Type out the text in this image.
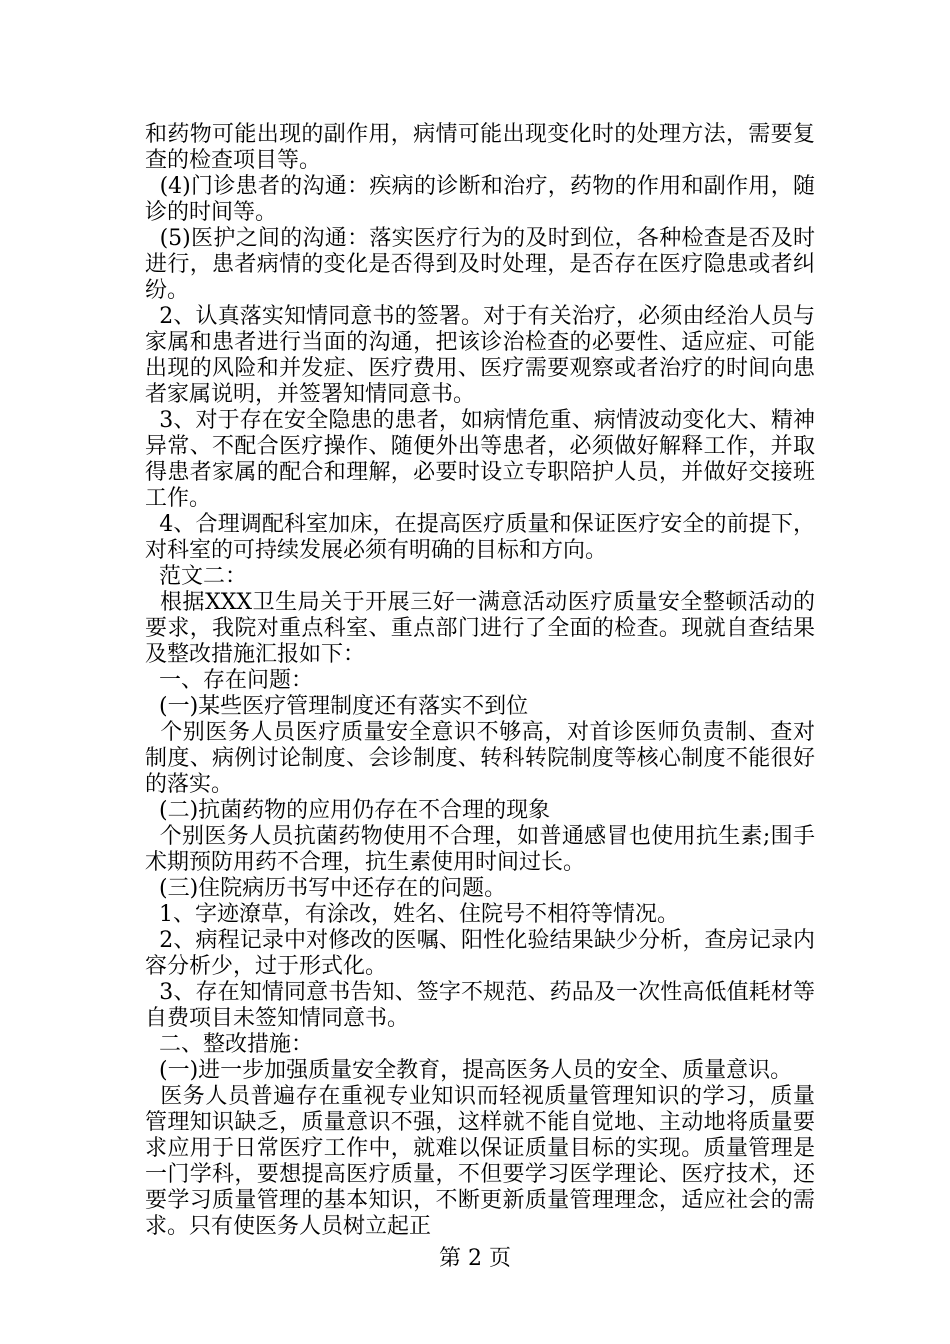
和药物可能出现的副作用，病情可能出现变化时的处理方法，需要复查的检查项目等。

(4)门诊患者的沟通：疾病的诊断和治疗，药物的作用和副作用，随诊的时间等。

(5)医护之间的沟通：落实医疗行为的及时到位，各种检查是否及时进行，患者病情的变化是否得到及时处理，是否存在医疗隐患或者纠纷。

2、认真落实知情同意书的签署。对于有关治疗，必须由经治人员与家属和患者进行当面的沟通，把该诊治检查的必要性、适应症、可能出现的风险和并发症、医疗费用、医疗需要观察或者治疗的时间向患者家属说明，并签署知情同意书。

3、对于存在安全隐患的患者，如病情危重、病情波动变化大、精神异常、不配合医疗操作、随便外出等患者，必须做好解释工作，并取得患者家属的配合和理解，必要时设立专职陪护人员，并做好交接班工作。

4、合理调配科室加床，在提高医疗质量和保证医疗安全的前提下，对科室的可持续发展必须有明确的目标和方向。

范文二：

根据XXX卫生局关于开展三好一满意活动医疗质量安全整顿活动的要求，我院对重点科室、重点部门进行了全面的检查。现就自查结果及整改措施汇报如下：

一、存在问题：

(一)某些医疗管理制度还有落实不到位

个别医务人员医疗质量安全意识不够高，对首诊医师负责制、查对制度、病例讨论制度、会诊制度、转科转院制度等核心制度不能很好的落实。

(二)抗菌药物的应用仍存在不合理的现象

个别医务人员抗菌药物使用不合理，如普通感冒也使用抗生素;围手术期预防用药不合理，抗生素使用时间过长。

(三)住院病历书写中还存在的问题。

1、字迹潦草，有涂改，姓名、住院号不相符等情况。

2、病程记录中对修改的医嘱、阳性化验结果缺少分析，查房记录内容分析少，过于形式化。

3、存在知情同意书告知、签字不规范、药品及一次性高低值耗材等自费项目未签知情同意书。

二、整改措施：

(一)进一步加强质量安全教育，提高医务人员的安全、质量意识。

医务人员普遍存在重视专业知识而轻视质量管理知识的学习，质量管理知识缺乏，质量意识不强，这样就不能自觉地、主动地将质量要求应用于日常医疗工作中，就难以保证质量目标的实现。质量管理是一门学科，要想提高医疗质量，不但要学习医学理论、医疗技术，还要学习质量管理的基本知识，不断更新质量管理理念，适应社会的需求。只有使医务人员树立起正

第 2 页
